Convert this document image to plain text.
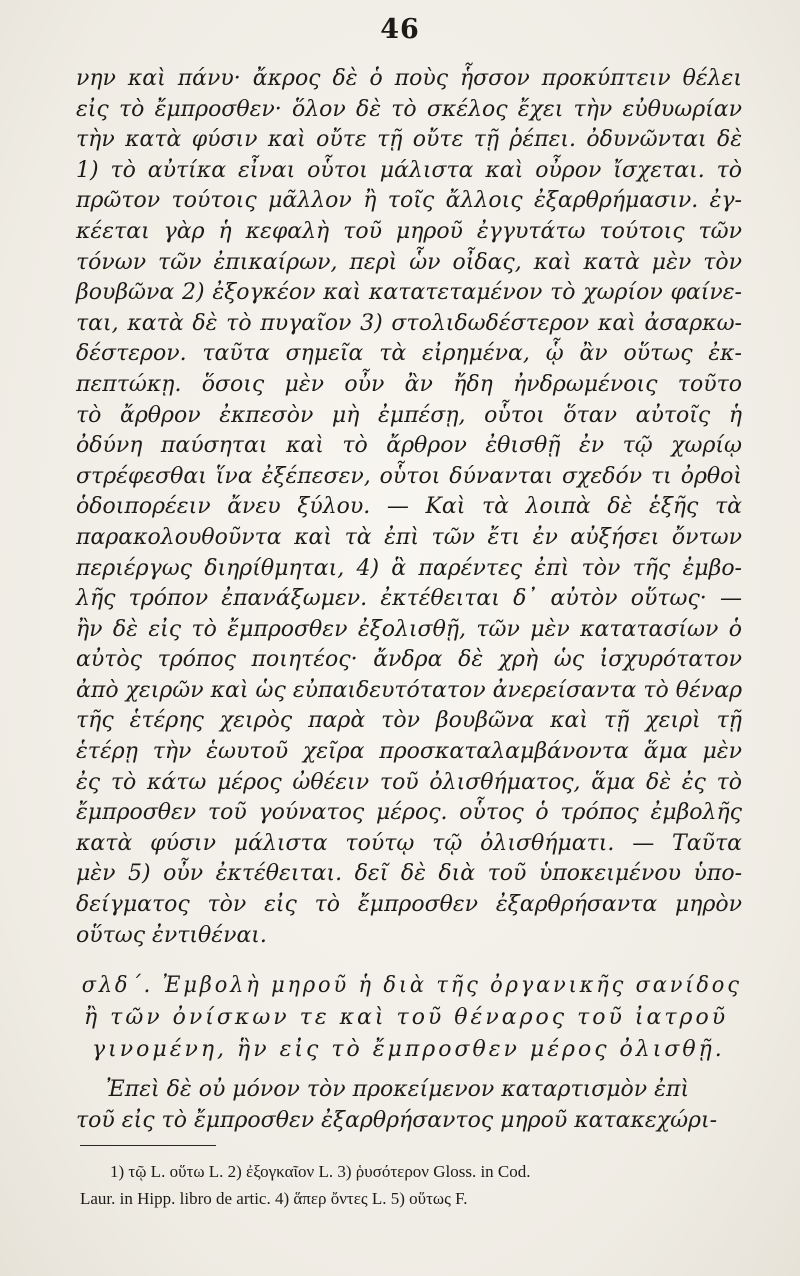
46
νην καὶ πάνυ· ἄκρος δὲ ὁ ποὺς ἧσσον προκύπτειν θέλει
εἰς τὸ ἔμπροσθεν· ὅλον δὲ τὸ σκέλος ἔχει τὴν εὐθυωρίαν
τὴν κατὰ φύσιν καὶ οὔτε τῇ οὔτε τῇ ῥέπει. ὀδυνῶνται δὲ
1) τὸ αὐτίκα εἶναι οὗτοι μάλιστα καὶ οὖρον ἴσχεται. τὸ
πρῶτον τούτοις μᾶλλον ἢ τοῖς ἄλλοις ἐξαρθρήμασιν. ἐγ-
κέεται γὰρ ἡ κεφαλὴ τοῦ μηροῦ ἐγγυτάτω τούτοις τῶν
τόνων τῶν ἐπικαίρων, περὶ ὧν οἶδας, καὶ κατὰ μὲν τὸν
βουβῶνα 2) ἐξογκέον καὶ κατατεταμένον τὸ χωρίον φαίνε-
ται, κατὰ δὲ τὸ πυγαῖον 3) στολιδωδέστερον καὶ ἀσαρκω-
δέστερον. ταῦτα σημεῖα τὰ εἰρημένα, ᾧ ἂν οὕτως ἐκ-
πεπτώκῃ. ὅσοις μὲν οὖν ἂν ἤδη ἠνδρωμένοις τοῦτο
τὸ ἄρθρον ἐκπεσὸν μὴ ἐμπέσῃ, οὗτοι ὅταν αὐτοῖς ἡ
ὀδύνη παύσηται καὶ τὸ ἄρθρον ἐθισθῇ ἐν τῷ χωρίῳ
στρέφεσθαι ἵνα ἐξέπεσεν, οὗτοι δύνανται σχεδόν τι ὀρθοὶ
ὁδοιπορέειν ἄνευ ξύλου. — Καὶ τὰ λοιπὰ δὲ ἑξῆς τὰ
παρακολουθοῦντα καὶ τὰ ἐπὶ τῶν ἔτι ἐν αὐξήσει ὄντων
περιέργως διηρίθμηται, 4) ἃ παρέντες ἐπὶ τὸν τῆς ἐμβο-
λῆς τρόπον ἐπανάξωμεν. ἐκτέθειται δ᾿ αὐτὸν οὕτως· —
ἢν δὲ εἰς τὸ ἔμπροσθεν ἐξολισθῇ, τῶν μὲν κατατασίων ὁ
αὐτὸς τρόπος ποιητέος· ἄνδρα δὲ χρὴ ὡς ἰσχυρότατον
ἀπὸ χειρῶν καὶ ὡς εὐπαιδευτότατον ἀνερείσαντα τὸ θέναρ
τῆς ἑτέρης χειρὸς παρὰ τὸν βουβῶνα καὶ τῇ χειρὶ τῇ
ἑτέρῃ τὴν ἑωυτοῦ χεῖρα προσκαταλαμβάνοντα ἅμα μὲν
ἐς τὸ κάτω μέρος ὠθέειν τοῦ ὀλισθήματος, ἅμα δὲ ἐς τὸ
ἔμπροσθεν τοῦ γούνατος μέρος. οὗτος ὁ τρόπος ἐμβολῆς
κατὰ φύσιν μάλιστα τούτῳ τῷ ὀλισθήματι. — Ταῦτα
μὲν 5) οὖν ἐκτέθειται. δεῖ δὲ διὰ τοῦ ὑποκειμένου ὑπο-
δείγματος τὸν εἰς τὸ ἔμπροσθεν ἐξαρθρήσαντα μηρὸν
οὕτως ἐντιθέναι.
σλδ΄. Ἐμβολὴ μηροῦ ἡ διὰ τῆς ὀργανικῆς σανίδος
ἢ τῶν ὀνίσκων τε καὶ τοῦ θέναρος τοῦ ἰατροῦ
γινομένη, ἣν εἰς τὸ ἔμπροσθεν μέρος ὀλισθῇ.
Ἐπεὶ δὲ οὐ μόνον τὸν προκείμενον καταρτισμὸν ἐπὶ
τοῦ εἰς τὸ ἔμπροσθεν ἐξαρθρήσαντος μηροῦ κατακεχώρι-
1) τῷ L. οὕτω L. 2) ἐξογκαῖον L. 3) ῥυσότερον Gloss. in Cod.
Laur. in Hipp. libro de artic. 4) ἅπερ ὄντες L. 5) οὕτως F.
